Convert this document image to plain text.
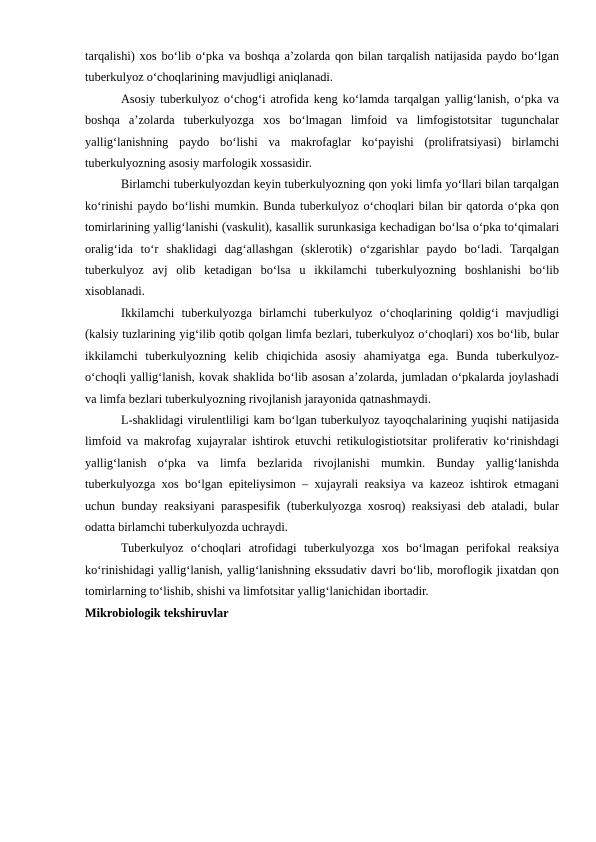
tarqalishi) xos bo‘lib o‘pka va boshqa a’zolarda qon bilan tarqalish natijasida paydo bo‘lgan tuberkulyoz o‘choqlarining mavjudligi aniqlanadi.

Asosiy tuberkulyoz o‘chog‘i atrofida keng ko‘lamda tarqalgan yallig‘lanish, o‘pka va boshqa a’zolarda tuberkulyozga xos bo‘lmagan limfoid va limfogistotsitar tugunchalar yallig‘lanishning paydo bo‘lishi va makrofaglar ko‘payishi (prolifratsiyasi) birlamchi tuberkulyozning asosiy marfologik xossasidir.

Birlamchi tuberkulyozdan keyin tuberkulyozning qon yoki limfa yo‘llari bilan tarqalgan ko‘rinishi paydo bo‘lishi mumkin. Bunda tuberkulyoz o‘choqlari bilan bir qatorda o‘pka qon tomirlarining yallig‘lanishi (vaskulit), kasallik surunkasiga kechadigan bo‘lsa o‘pka to‘qimalari oralig‘ida to‘r shaklidagi dag‘allashgan (sklerotik) o‘zgarishlar paydo bo‘ladi. Tarqalgan tuberkulyoz avj olib ketadigan bo‘lsa u ikkilamchi tuberkulyozning boshlanishi bo‘lib xisoblanadi.

Ikkilamchi tuberkulyozga birlamchi tuberkulyoz o‘choqlarining qoldig‘i mavjudligi (kalsiy tuzlarining yig‘ilib qotib qolgan limfa bezlari, tuberkulyoz o‘choqlari) xos bo‘lib, bular ikkilamchi tuberkulyozning kelib chiqichida asosiy ahamiyatga ega. Bunda tuberkulyoz-o‘choqli yallig‘lanish, kovak shaklida bo‘lib asosan a’zolarda, jumladan o‘pkalarda joylashadi va limfa bezlari tuberkulyozning rivojlanish jarayonida qatnashmaydi.

L-shaklidagi virulentliligi kam bo‘lgan tuberkulyoz tayoqchalarining yuqishi natijasida limfoid va makrofag xujayralar ishtirok etuvchi retikulogistiotsitar proliferativ ko‘rinishdagi yallig‘lanish o‘pka va limfa bezlarida rivojlanishi mumkin. Bunday yallig‘lanishda tuberkulyozga xos bo‘lgan epiteliysimon – xujayrali reaksiya va kazeoz ishtirok etmagani uchun bunday reaksiyani paraspesifik (tuberkulyozga xosroq) reaksiyasi deb ataladi, bular odatta birlamchi tuberkulyozda uchraydi.

Tuberkulyoz o‘choqlari atrofidagi tuberkulyozga xos bo‘lmagan perifokal reaksiya ko‘rinishidagi yallig‘lanish, yallig‘lanishning ekssudativ davri bo‘lib, moroflogik jixatdan qon tomirlarning to‘lishib, shishi va limfotsitar yallig‘lanichidan ibortadir.

Mikrobiologik tekshiruvlar
